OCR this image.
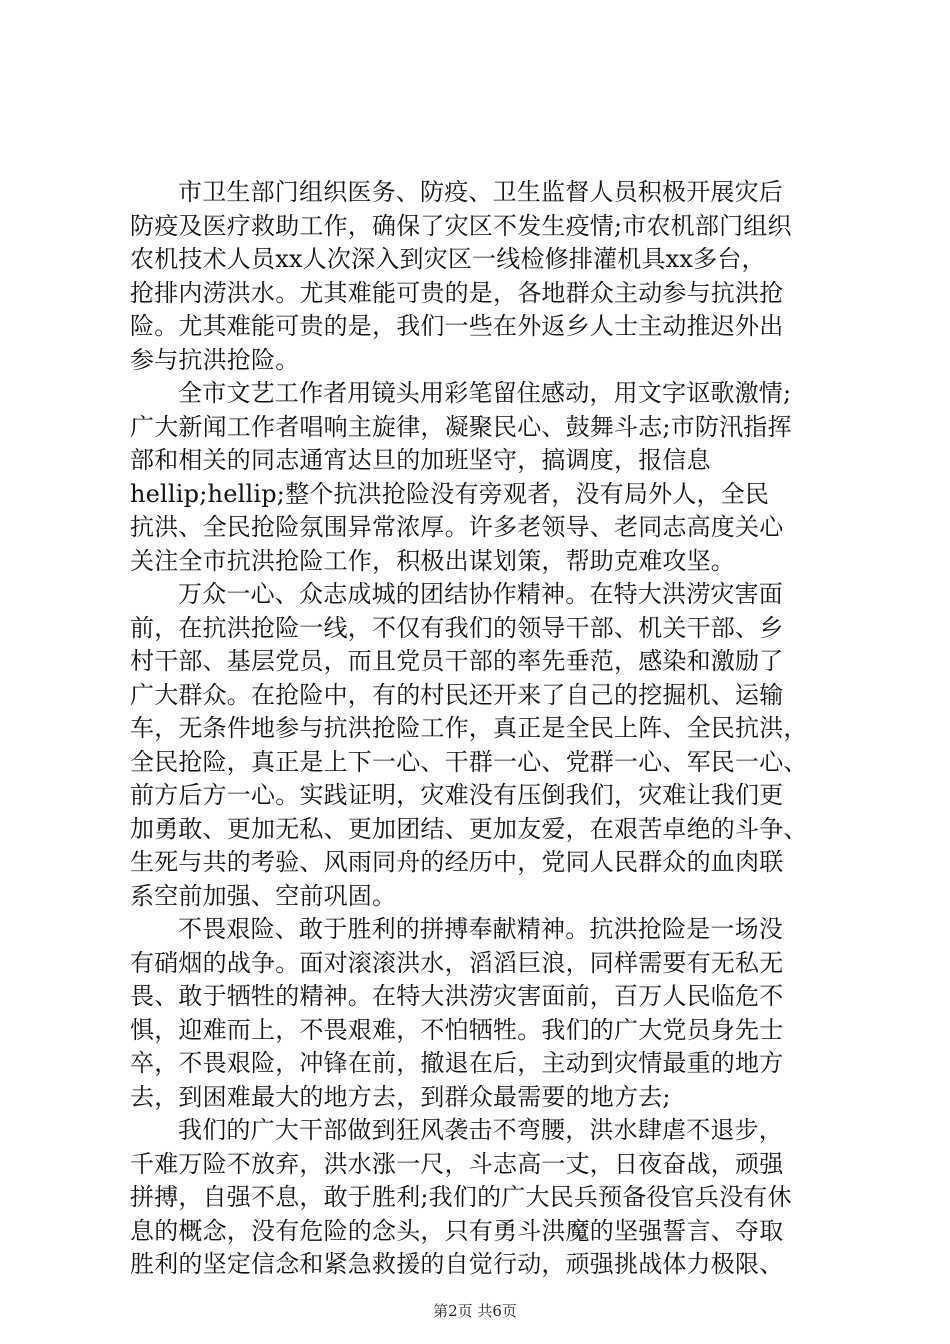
市卫生部门组织医务、防疫、卫生监督人员积极开展灾后
防疫及医疗救助工作，确保了灾区不发生疫情;市农机部门组织
农机技术人员xx人次深入到灾区一线检修排灌机具xx多台，
抢排内涝洪水。尤其难能可贵的是，各地群众主动参与抗洪抢
险。尤其难能可贵的是，我们一些在外返乡人士主动推迟外出
参与抗洪抢险。
全市文艺工作者用镜头用彩笔留住感动，用文字讴歌激情;
广大新闻工作者唱响主旋律，凝聚民心、鼓舞斗志;市防汛指挥
部和相关的同志通宵达旦的加班坚守，搞调度，报信息
hellip;hellip;整个抗洪抢险没有旁观者，没有局外人，全民
抗洪、全民抢险氛围异常浓厚。许多老领导、老同志高度关心
关注全市抗洪抢险工作，积极出谋划策，帮助克难攻坚。
万众一心、众志成城的团结协作精神。在特大洪涝灾害面
前，在抗洪抢险一线，不仅有我们的领导干部、机关干部、乡
村干部、基层党员，而且党员干部的率先垂范，感染和激励了
广大群众。在抢险中，有的村民还开来了自己的挖掘机、运输
车，无条件地参与抗洪抢险工作，真正是全民上阵、全民抗洪，
全民抢险，真正是上下一心、干群一心、党群一心、军民一心、
前方后方一心。实践证明，灾难没有压倒我们，灾难让我们更
加勇敢、更加无私、更加团结、更加友爱，在艰苦卓绝的斗争、
生死与共的考验、风雨同舟的经历中，党同人民群众的血肉联
系空前加强、空前巩固。
不畏艰险、敢于胜利的拼搏奉献精神。抗洪抢险是一场没
有硝烟的战争。面对滚滚洪水，滔滔巨浪，同样需要有无私无
畏、敢于牺牲的精神。在特大洪涝灾害面前，百万人民临危不
惧，迎难而上，不畏艰难，不怕牺牲。我们的广大党员身先士
卒，不畏艰险，冲锋在前，撤退在后，主动到灾情最重的地方
去，到困难最大的地方去，到群众最需要的地方去;
我们的广大干部做到狂风袭击不弯腰，洪水肆虐不退步，
千难万险不放弃，洪水涨一尺，斗志高一丈，日夜奋战，顽强
拼搏，自强不息，敢于胜利;我们的广大民兵预备役官兵没有休
息的概念，没有危险的念头，只有勇斗洪魔的坚强誓言、夺取
胜利的坚定信念和紧急救援的自觉行动，顽强挑战体力极限、
第2页 共6页
